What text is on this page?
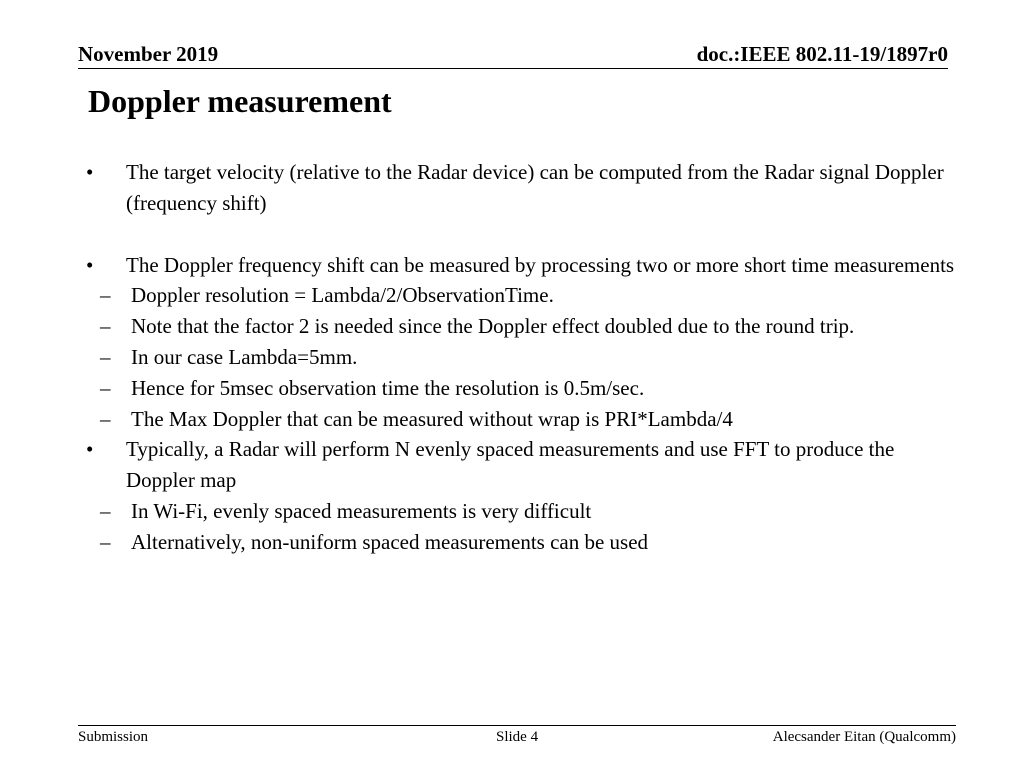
November 2019	doc.:IEEE 802.11-19/1897r0
Doppler measurement
•	The target velocity (relative to the Radar device) can be computed from the Radar signal Doppler (frequency shift)
•	The Doppler frequency shift can be measured by processing two or more short time measurements
– Doppler resolution = Lambda/2/ObservationTime.
– Note that the factor 2 is needed since the Doppler effect doubled due to the round trip.
– In our case Lambda=5mm.
– Hence for 5msec observation time the resolution is 0.5m/sec.
– The Max Doppler that can be measured without wrap is PRI*Lambda/4
•	Typically, a Radar will perform N evenly spaced measurements and use FFT to produce the Doppler map
– In Wi-Fi, evenly spaced measurements is very difficult
– Alternatively, non-uniform spaced measurements can be used
Submission	Slide 4	Alecsander Eitan (Qualcomm)
